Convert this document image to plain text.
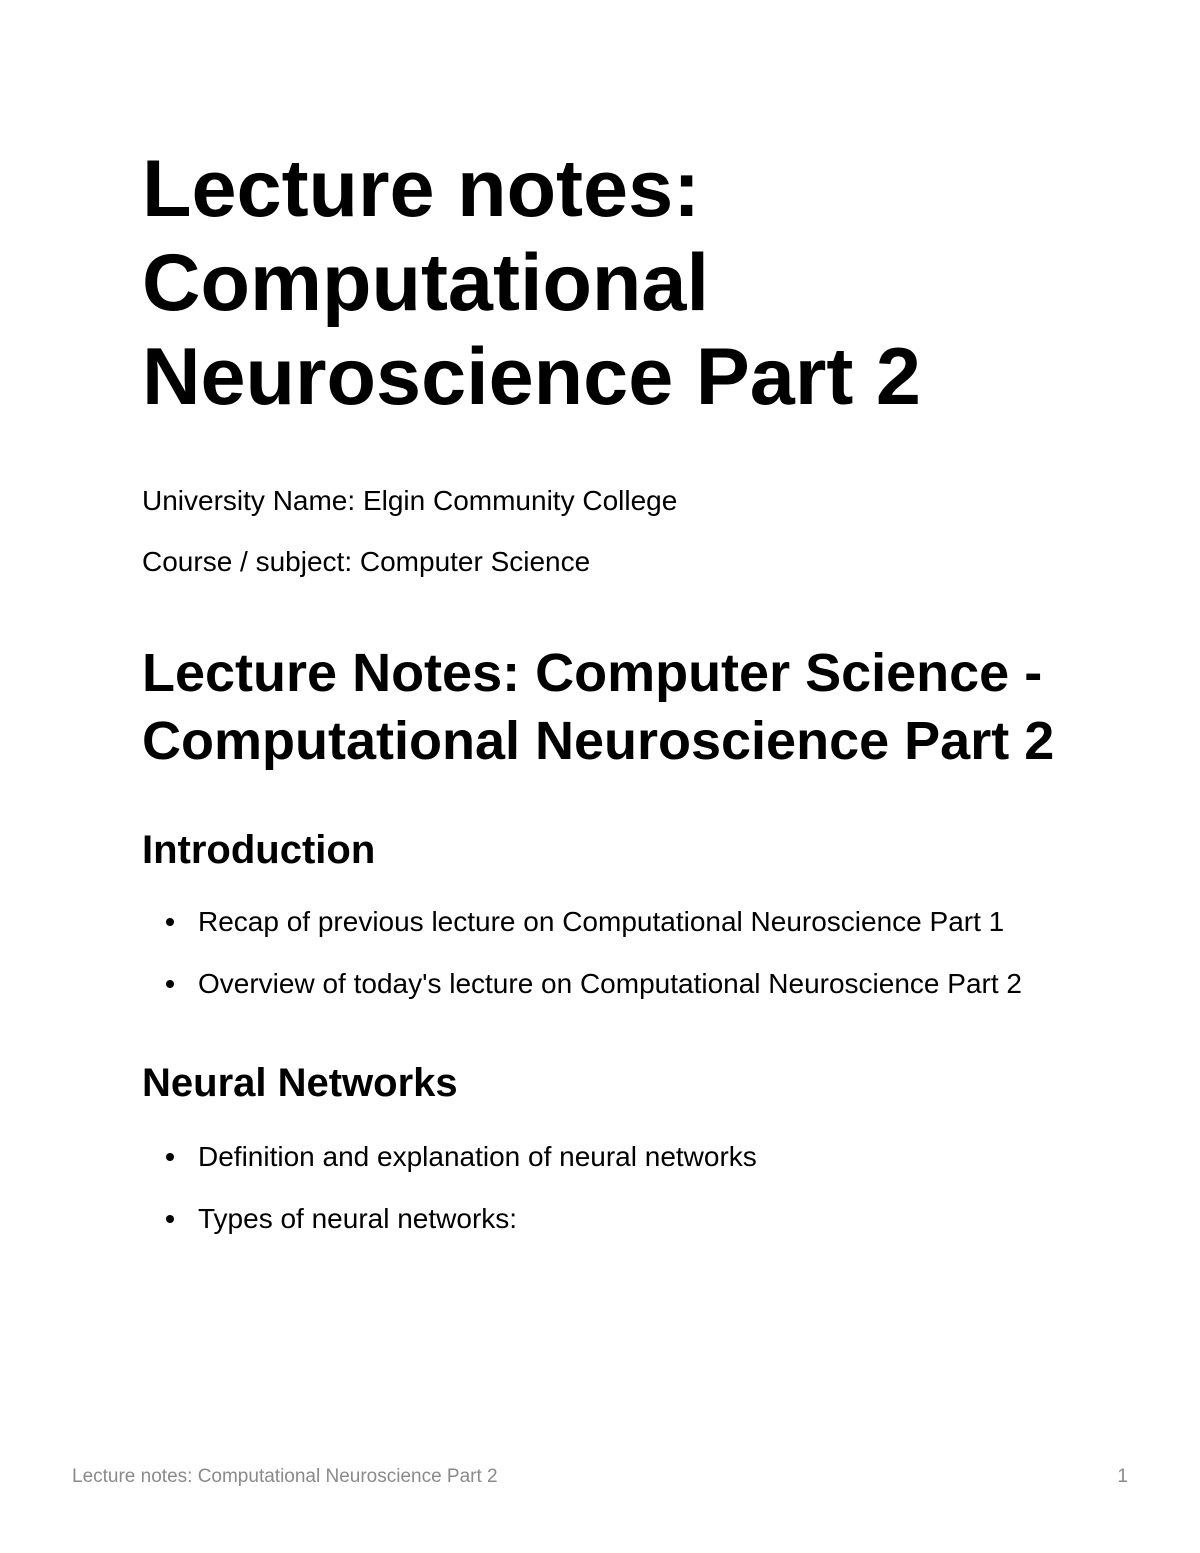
Lecture notes: Computational Neuroscience Part 2

University Name: Elgin Community College

Course / subject: Computer Science

Lecture Notes: Computer Science - Computational Neuroscience Part 2
Introduction
Recap of previous lecture on Computational Neuroscience Part 1
Overview of today's lecture on Computational Neuroscience Part 2
Neural Networks
Definition and explanation of neural networks
Types of neural networks:
Lecture notes: Computational Neuroscience Part 2	1
